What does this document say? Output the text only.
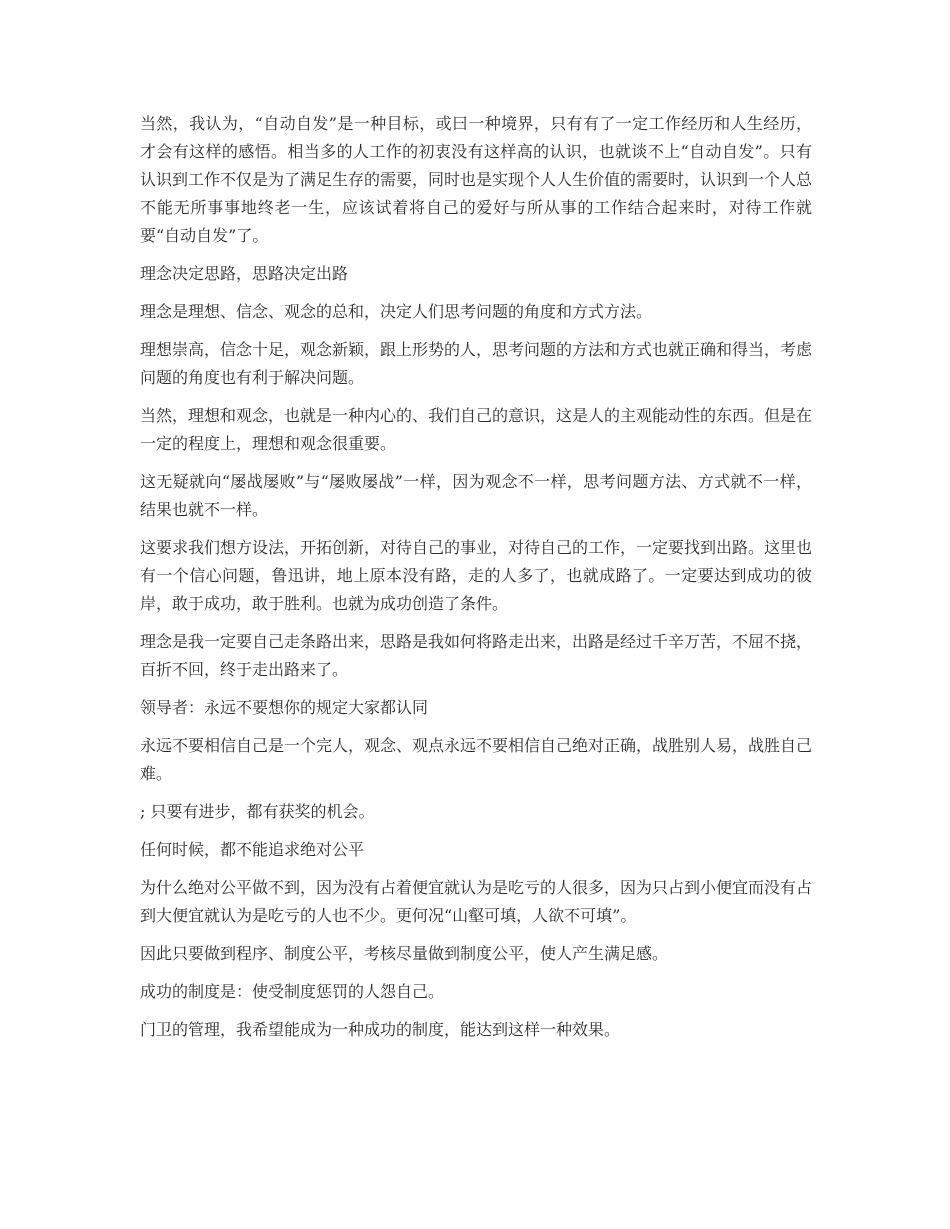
当然，我认为，“自动自发”是一种目标，或曰一种境界，只有有了一定工作经历和人生经历，才会有这样的感悟。相当多的人工作的初衷没有这样高的认识，也就谈不上“自动自发”。只有认识到工作不仅是为了满足生存的需要，同时也是实现个人人生价值的需要时，认识到一个人总不能无所事事地终老一生，应该试着将自己的爱好与所从事的工作结合起来时，对待工作就要“自动自发”了。

理念决定思路，思路决定出路

理念是理想、信念、观念的总和，决定人们思考问题的角度和方式方法。

理想崇高，信念十足，观念新颖，跟上形势的人，思考问题的方法和方式也就正确和得当，考虑问题的角度也有利于解决问题。

当然，理想和观念，也就是一种内心的、我们自己的意识，这是人的主观能动性的东西。但是在一定的程度上，理想和观念很重要。

这无疑就向“屡战屡败”与“屡败屡战”一样，因为观念不一样，思考问题方法、方式就不一样，结果也就不一样。

这要求我们想方设法，开拓创新，对待自己的事业，对待自己的工作，一定要找到出路。这里也有一个信心问题，鲁迅讲，地上原本没有路，走的人多了，也就成路了。一定要达到成功的彼岸，敢于成功，敢于胜利。也就为成功创造了条件。

理念是我一定要自己走条路出来，思路是我如何将路走出来，出路是经过千辛万苦，不屈不挠，百折不回，终于走出路来了。

领导者：永远不要想你的规定大家都认同

永远不要相信自己是一个完人，观念、观点永远不要相信自己绝对正确，战胜别人易，战胜自己难。

; 只要有进步，都有获奖的机会。

任何时候，都不能追求绝对公平

为什么绝对公平做不到，因为没有占着便宜就认为是吃亏的人很多，因为只占到小便宜而没有占到大便宜就认为是吃亏的人也不少。更何况“山壑可填，人欲不可填”。

因此只要做到程序、制度公平，考核尽量做到制度公平，使人产生满足感。

成功的制度是：使受制度惩罚的人怨自己。

门卫的管理，我希望能成为一种成功的制度，能达到这样一种效果。
